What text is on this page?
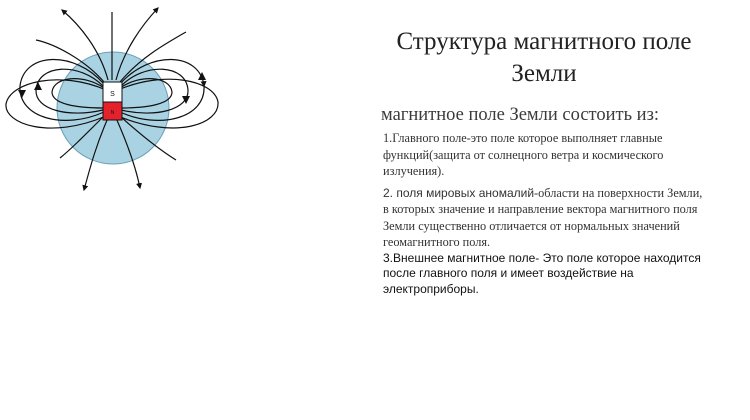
S
N
Структура магнитного поле
Земли
магнитное поле Земли состоить из:

1.Главного поле-это поле которое выполняет главные
функций(защита от солнецного ветра и космического
излучения).

2. поля мировых аномалий-области на поверхности Земли,
в которых значение и направление вектора магнитного поля
Земли существенно отличается от нормальных значений
геомагнитного поля.

3.Внешнее магнитное поле- Это поле которое находится
после главного поля и имеет воздействие на
электроприборы.
